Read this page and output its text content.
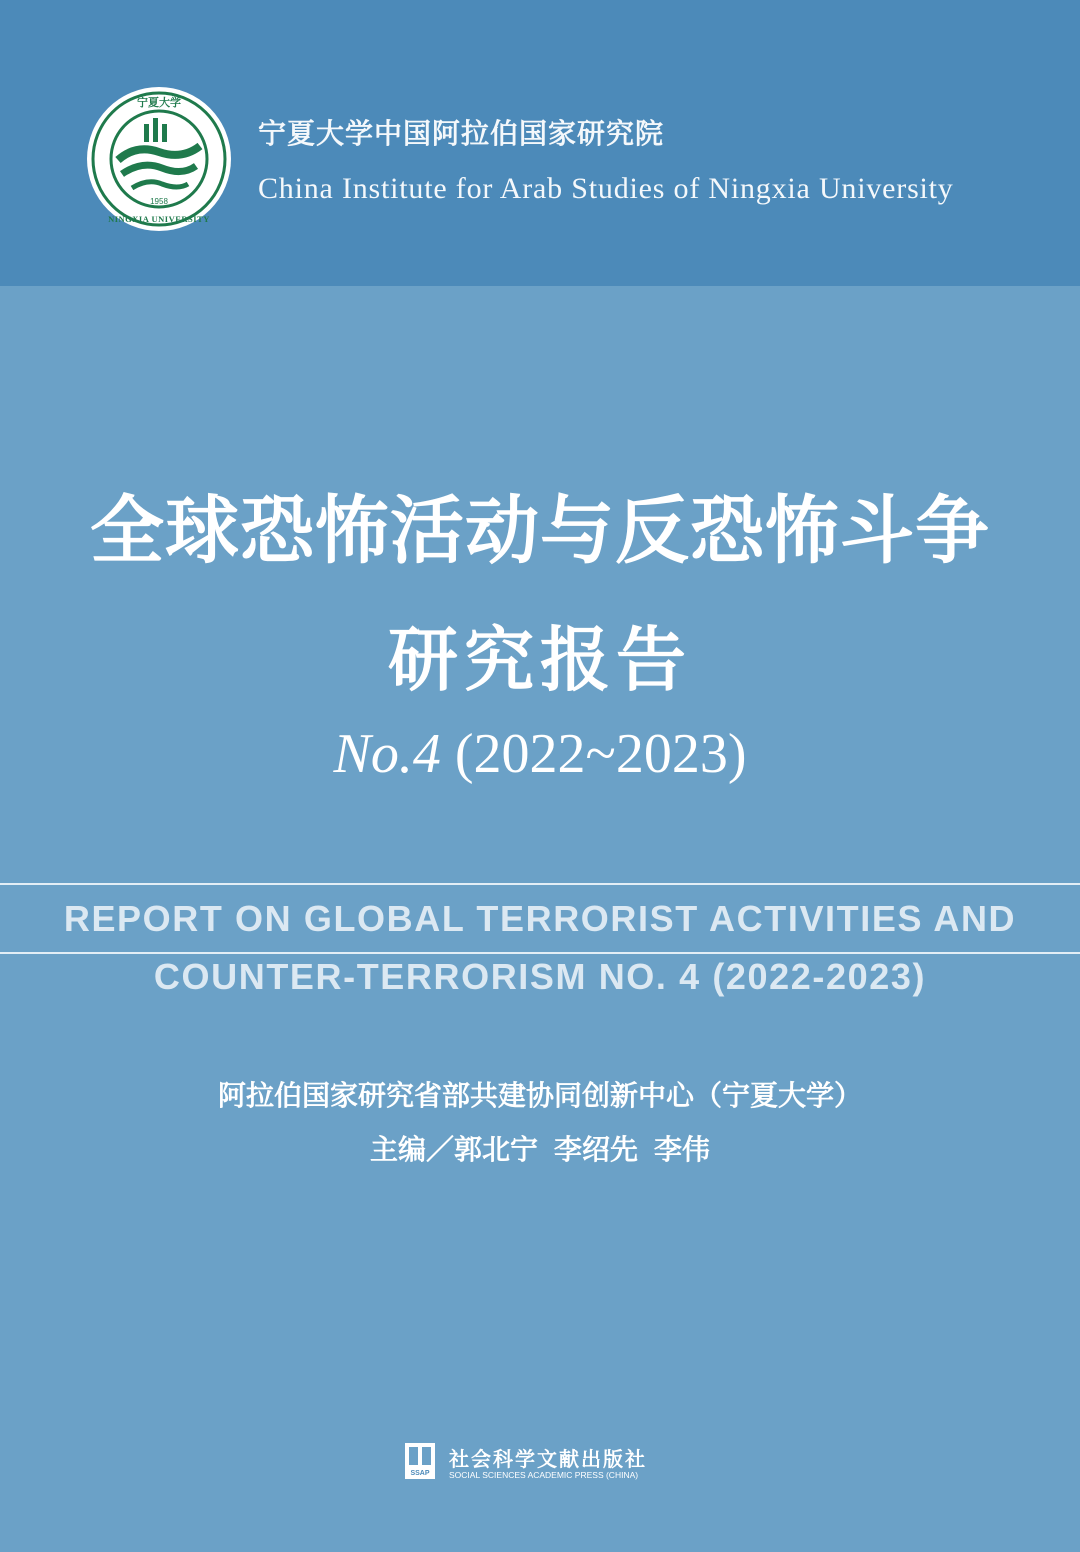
宁夏大学
1958
NINGXIA UNIVERSITY
宁夏大学中国阿拉伯国家研究院
China Institute for Arab Studies of Ningxia University
全球恐怖活动与反恐怖斗争
研究报告
No.4 (2022~2023)
REPORT ON GLOBAL TERRORIST ACTIVITIES AND
COUNTER-TERRORISM NO. 4 (2022-2023)
阿拉伯国家研究省部共建协同创新中心（宁夏大学）
主编／郭北宁 李绍先 李伟
SSAP
社会科学文献出版社
SOCIAL SCIENCES ACADEMIC PRESS (CHINA)
